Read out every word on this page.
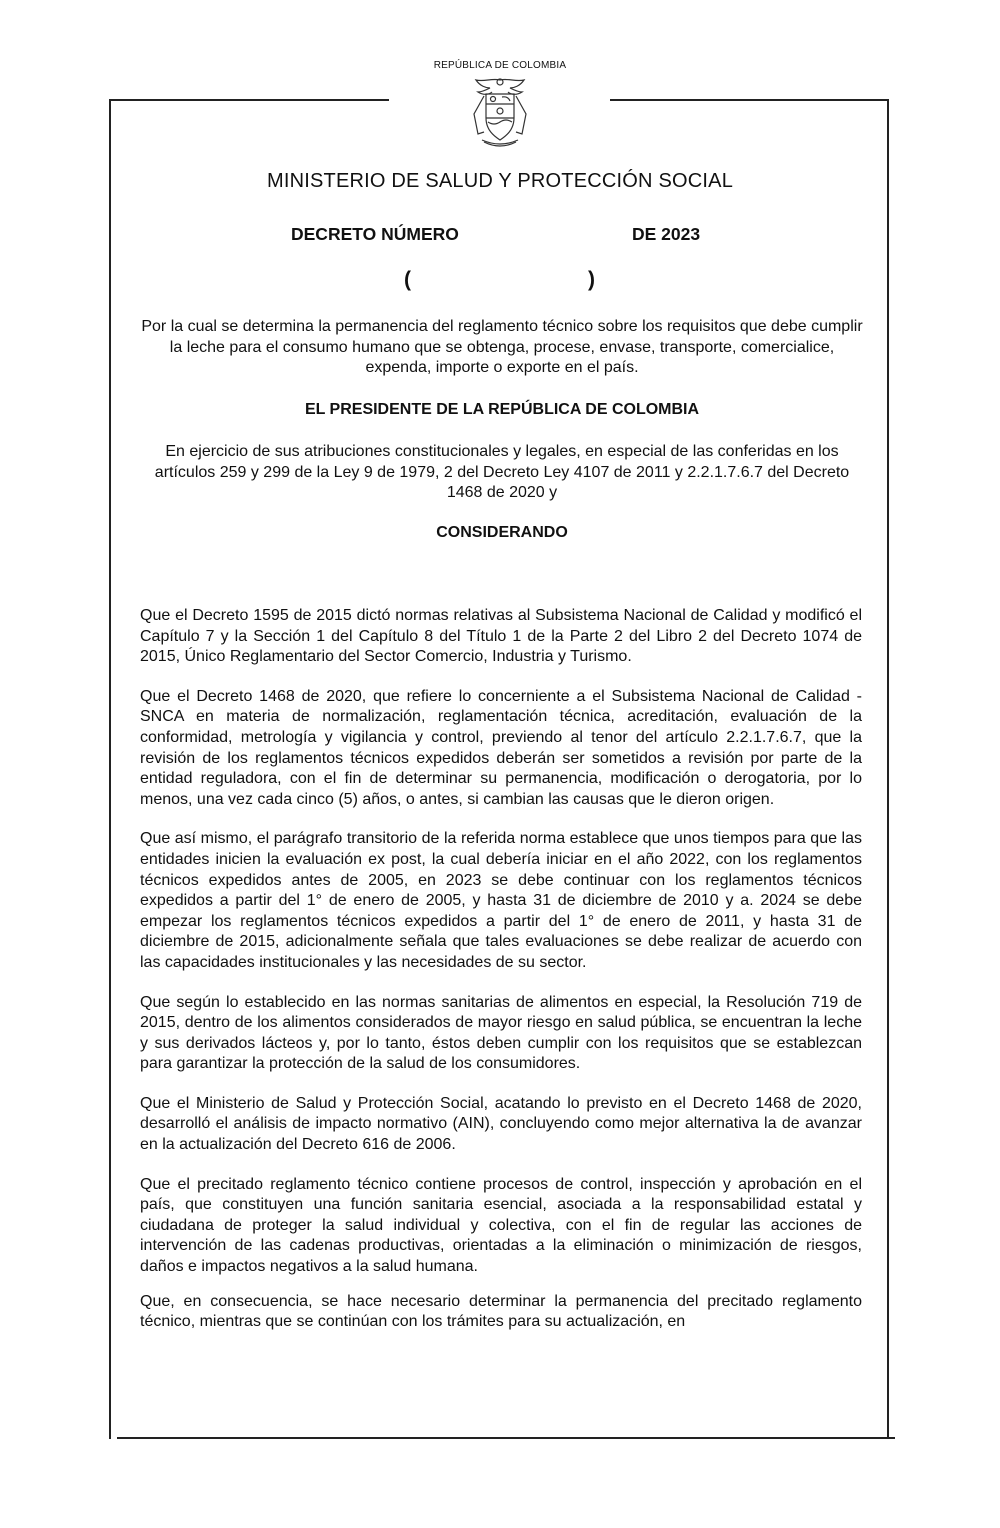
REPÚBLICA DE COLOMBIA
MINISTERIO DE SALUD Y PROTECCIÓN SOCIAL
DECRETO NÚMERO	DE 2023
(	)
Por la cual se determina la permanencia del reglamento técnico sobre los requisitos que debe cumplir la leche para el consumo humano que se obtenga, procese, envase, transporte, comercialice, expenda, importe o exporte en el país.
EL PRESIDENTE DE LA REPÚBLICA DE COLOMBIA
En ejercicio de sus atribuciones constitucionales y legales, en especial de las conferidas en los artículos 259 y 299 de la Ley 9 de 1979, 2 del Decreto Ley 4107 de 2011 y 2.2.1.7.6.7 del Decreto 1468 de 2020 y
CONSIDERANDO

Que el Decreto 1595 de 2015 dictó normas relativas al Subsistema Nacional de Calidad y modificó el Capítulo 7 y la Sección 1 del Capítulo 8 del Título 1 de la Parte 2 del Libro 2 del Decreto 1074 de 2015, Único Reglamentario del Sector Comercio, Industria y Turismo.

Que el Decreto 1468 de 2020, que refiere lo concerniente a el Subsistema Nacional de Calidad -SNCA en materia de normalización, reglamentación técnica, acreditación, evaluación de la conformidad, metrología y vigilancia y control, previendo al tenor del artículo 2.2.1.7.6.7, que la revisión de los reglamentos técnicos expedidos deberán ser sometidos a revisión por parte de la entidad reguladora, con el fin de determinar su permanencia, modificación o derogatoria, por lo menos, una vez cada cinco (5) años, o antes, si cambian las causas que le dieron origen.

Que así mismo, el parágrafo transitorio de la referida norma establece que unos tiempos para que las entidades inicien la evaluación ex post, la cual debería iniciar en el año 2022, con los reglamentos técnicos expedidos antes de 2005, en 2023 se debe continuar con los reglamentos técnicos expedidos a partir del 1° de enero de 2005, y hasta 31 de diciembre de 2010 y a. 2024 se debe empezar los reglamentos técnicos expedidos a partir del 1° de enero de 2011, y hasta 31 de diciembre de 2015, adicionalmente señala que tales evaluaciones se debe realizar de acuerdo con las capacidades institucionales y las necesidades de su sector.

Que según lo establecido en las normas sanitarias de alimentos en especial, la Resolución 719 de 2015, dentro de los alimentos considerados de mayor riesgo en salud pública, se encuentran la leche y sus derivados lácteos y, por lo tanto, éstos deben cumplir con los requisitos que se establezcan para garantizar la protección de la salud de los consumidores.

Que el Ministerio de Salud y Protección Social, acatando lo previsto en el Decreto 1468 de 2020, desarrolló el análisis de impacto normativo (AIN), concluyendo como mejor alternativa la de avanzar en la actualización del Decreto 616 de 2006.

Que el precitado reglamento técnico contiene procesos de control, inspección y aprobación en el país, que constituyen una función sanitaria esencial, asociada a la responsabilidad estatal y ciudadana de proteger la salud individual y colectiva, con el fin de regular las acciones de intervención de las cadenas productivas, orientadas a la eliminación o minimización de riesgos, daños e impactos negativos a la salud humana.

Que, en consecuencia, se hace necesario determinar la permanencia del precitado reglamento técnico, mientras que se continúan con los trámites para su actualización, en
